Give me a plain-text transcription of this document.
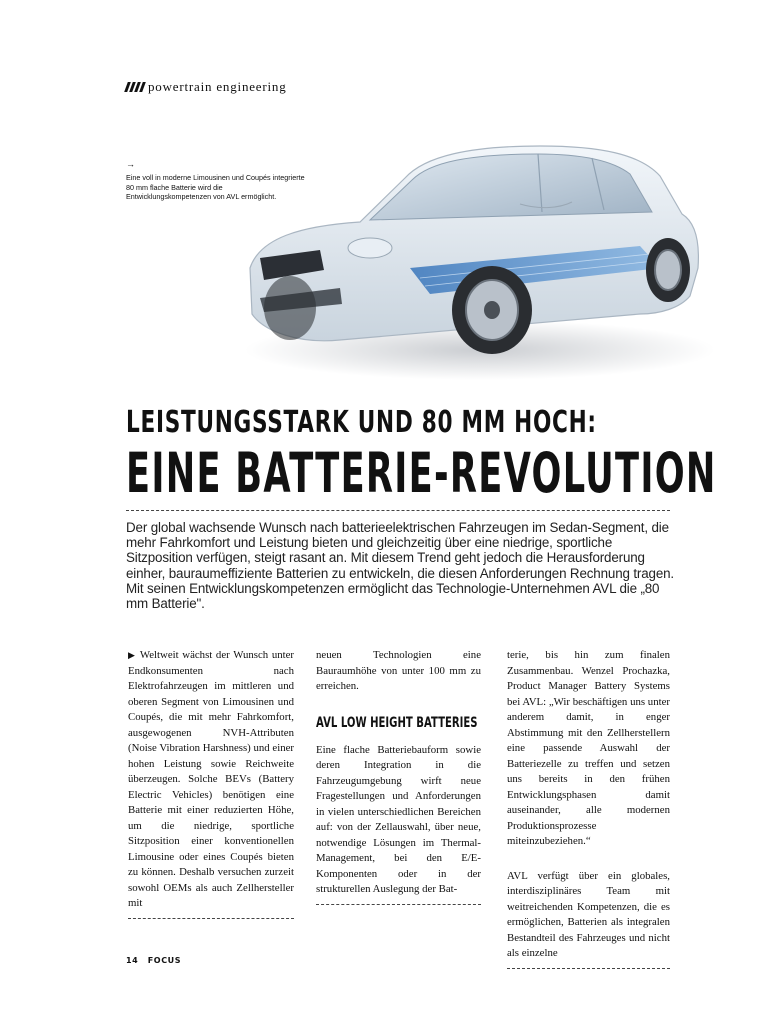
powertrain engineering
→
Eine voll in moderne Limousinen und Coupés integrierte 80 mm flache Batterie wird die Entwicklungskompetenzen von AVL ermöglicht.
LEISTUNGSSTARK UND 80 MM HOCH:
EINE BATTERIE-REVOLUTION
Der global wachsende Wunsch nach batterieelektrischen Fahrzeugen im Sedan-Segment, die mehr Fahrkomfort und Leistung bieten und gleichzeitig über eine niedrige, sportliche Sitzposition verfügen, steigt rasant an. Mit diesem Trend geht jedoch die Herausforderung einher, bauraumeffiziente Batterien zu entwickeln, die diesen Anforderungen Rechnung tragen. Mit seinen Entwicklungskompetenzen ermöglicht das Technologie-Unternehmen AVL die „80 mm Batterie".

▶ Weltweit wächst der Wunsch unter Endkonsumenten nach Elektrofahrzeugen im mittleren und oberen Segment von Limousinen und Coupés, die mit mehr Fahrkomfort, ausgewogenen NVH-Attributen (Noise Vibration Harshness) und einer hohen Leistung sowie Reichweite überzeugen. Solche BEVs (Battery Electric Vehicles) benötigen eine Batterie mit einer reduzierten Höhe, um die niedrige, sportliche Sitzposition einer konventionellen Limousine oder eines Coupés bieten zu können. Deshalb versuchen zurzeit sowohl OEMs als auch Zellhersteller mit

neuen Technologien eine Bauraumhöhe von unter 100 mm zu erreichen.

AVL LOW HEIGHT BATTERIES

Eine flache Batteriebauform sowie deren Integration in die Fahrzeugumgebung wirft neue Fragestellungen und Anforderungen in vielen unterschiedlichen Bereichen auf: von der Zellauswahl, über neue, notwendige Lösungen im Thermal-Management, bei den E/E-Komponenten oder in der strukturellen Auslegung der Bat-

terie, bis hin zum finalen Zusammenbau. Wenzel Prochazka, Product Manager Battery Systems bei AVL: „Wir beschäftigen uns unter anderem damit, in enger Abstimmung mit den Zellherstellern eine passende Auswahl der Batteriezelle zu treffen und setzen uns bereits in den frühen Entwicklungsphasen damit auseinander, alle modernen Produktionsprozesse miteinzubeziehen.“

AVL verfügt über ein globales, interdisziplinäres Team mit weitreichenden Kompetenzen, die es ermöglichen, Batterien als integralen Bestandteil des Fahrzeuges und nicht als einzelne

14 FOCUS
